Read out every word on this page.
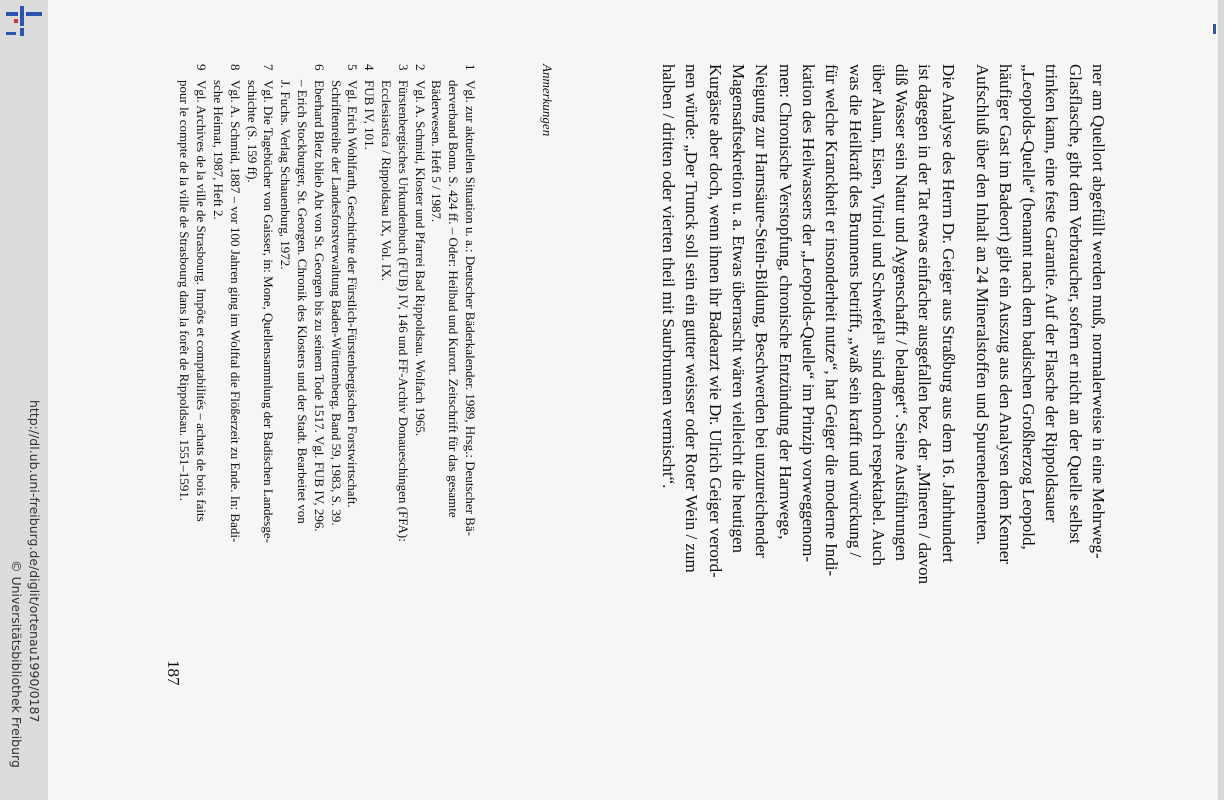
http://dl.ub.uni-freiburg.de/diglit/ortenau1990/0187
© Universitätsbibliothek Freiburg
ner am Quellort abgefüllt werden muß, normalerweise in eine Mehrweg-
Glasflasche, gibt dem Verbraucher, sofern er nicht an der Quelle selbst
trinken kann, eine feste Garantie. Auf der Flasche der Rippoldsauer
„Leopolds-Quelle“ (benannt nach dem badischen Großherzog Leopold,
häufiger Gast im Badeort) gibt ein Auszug aus den Analysen dem Kenner
Aufschluß über den Inhalt an 24 Mineralstoffen und Spurenelementen.
Die Analyse des Herrn Dr. Geiger aus Straßburg aus dem 16. Jahrhundert
ist dagegen in der Tat etwas einfacher ausgefallen bez. der „Mineren / davon
diß Wasser sein Natur und Aygenschafft / belanget“. Seine Ausführungen
über Alaun, Eisen, Vitriol und Schwefel³¹ sind dennoch respektabel. Auch
was die Heilkraft des Brunnens betrifft, „waß sein krafft und würckung /
für welche Kranckheit er insonderheit nutze“, hat Geiger die moderne Indi-
kation des Heilwassers der „Leopolds-Quelle“ im Prinzip vorweggenom-
men: Chronische Verstopfung, chronische Entzündung der Harnwege,
Neigung zur Harnsäure-Stein-Bildung, Beschwerden bei unzureichender
Magensaftsekretion u. a. Etwas überrascht wären vielleicht die heutigen
Kurgäste aber doch, wenn ihnen ihr Badearzt wie Dr. Ulrich Geiger verord-
nen würde: „Der Trunck soll sein ein gutter weisser oder Roter Wein / zum
halben / dritten oder vierten theil mit Saurbrunnen vermischt“.
Anmerkungen
1
Vgl. zur aktuellen Situation u. a.: Deutscher Bäderkalender. 1989, Hrsg.: Deutscher Bä-
derverband Bonn. S. 424 ff. – Oder: Heilbad und Kurort. Zeitschrift für das gesamte
Bäderwesen. Heft 5 / 1987.
2
Vgl. A. Schmid, Kloster und Pfarrei Bad Rippoldsau. Wolfach 1965.
3
Fürstenbergisches Urkundenbuch (FUB) IV, 146 und FF-Archiv Donaueschingen (FFA):
Ecclesiastica / Rippoldsau IX, Vol. IX.
4
FUB IV, 101.
5
Vgl. Erich Wohlfarth, Geschichte der Fürstlich-Fürstenbergischen Forstwirtschaft.
Schriftenreihe der Landesforstverwaltung Baden-Württemberg. Band 59, 1983, S. 39.
6
Eberhard Bletz blieb Abt von St. Georgen bis zu seinem Tode 1517. Vgl. FUB IV, 296.
– Erich Stockburger, St. Georgen. Chronik des Klosters und der Stadt. Bearbeitet von
J. Fuchs. Verlag Schauenburg, 1972.
7
Vgl. Die Tagebücher von Gaisser, in: Mone, Quellensammlung der Badischen Landesge-
schichte (S. 159 ff).
8
Vgl. A. Schmid, 1887 – vor 100 Jahren ging im Wolftal die Flößerzeit zu Ende. In: Badi-
sche Heimat, 1987, Heft 2.
9
Vgl. Archives de la ville de Strasbourg. Impôts et comptabilités – achats de bois faits
pour le compte de la ville de Strasbourg dans la forêt de Rippoldsau. 1551–1591.
187
